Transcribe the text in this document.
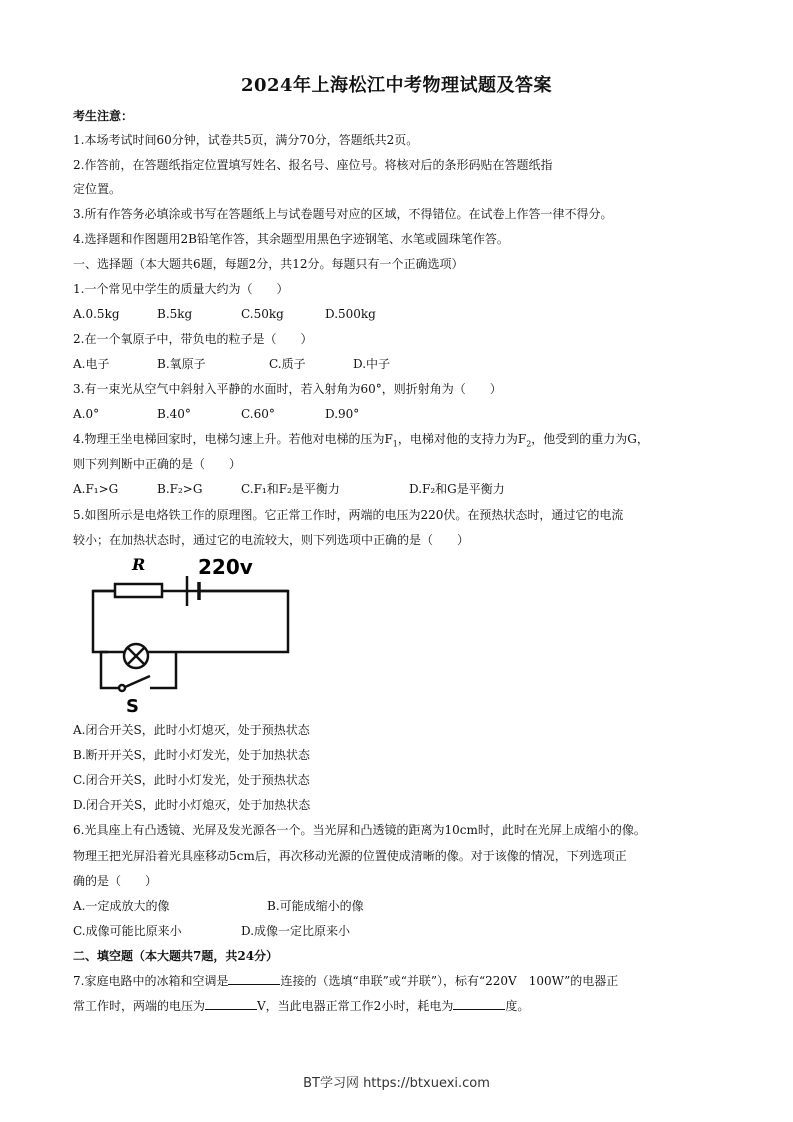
2024年上海松江中考物理试题及答案
考生注意：
1.本场考试时间60分钟，试卷共5页，满分70分，答题纸共2页。
2.作答前，在答题纸指定位置填写姓名、报名号、座位号。将核对后的条形码贴在答题纸指
定位置。
3.所有作答务必填涂或书写在答题纸上与试卷题号对应的区域，不得错位。在试卷上作答一律不得分。
4.选择题和作图题用2B铅笔作答，其余题型用黑色字迹钢笔、水笔或圆珠笔作答。
一、选择题（本大题共6题，每题2分，共12分。每题只有一个正确选项）
1.一个常见中学生的质量大约为（　　）
A.0.5kg	B.5kg	C.50kg	D.500kg
2.在一个氧原子中，带负电的粒子是（　　）
A.电子	B.氧原子	C.质子	D.中子
3.有一束光从空气中斜射入平静的水面时，若入射角为60°，则折射角为（　　）
A.0°	B.40°	C.60°	D.90°
4.物理王坐电梯回家时，电梯匀速上升。若他对电梯的压为$F_1$，电梯对他的支持力为$F_2$，他受到的重力为G，
则下列判断中正确的是（　　）
A.F₁>G	B.F₂>G	C.F₁和F₂是平衡力	D.F₂和G是平衡力
5.如图所示是电烙铁工作的原理图。它正常工作时，两端的电压为220伏。在预热状态时，通过它的电流
较小；在加热状态时，通过它的电流较大，则下列选项中正确的是（　　）
R	220v
S
A.闭合开关S，此时小灯熄灭，处于预热状态
B.断开开关S，此时小灯发光，处于加热状态
C.闭合开关S，此时小灯发光，处于预热状态
D.闭合开关S，此时小灯熄灭，处于加热状态
6.光具座上有凸透镜、光屏及发光源各一个。当光屏和凸透镜的距离为10cm时，此时在光屏上成缩小的像。
物理王把光屏沿着光具座移动5cm后，再次移动光源的位置使成清晰的像。对于该像的情况，下列选项正
确的是（　　）
A.一定成放大的像	B.可能成缩小的像
C.成像可能比原来小	D.成像一定比原来小
二、填空题（本大题共7题，共24分）
7.家庭电路中的冰箱和空调是	连接的（选填“串联”或“并联”），标有“220V　100W”的电器正
常工作时，两端的电压为	V，当此电器正常工作2小时，耗电为	度。
BT学习网 https://btxuexi.com
